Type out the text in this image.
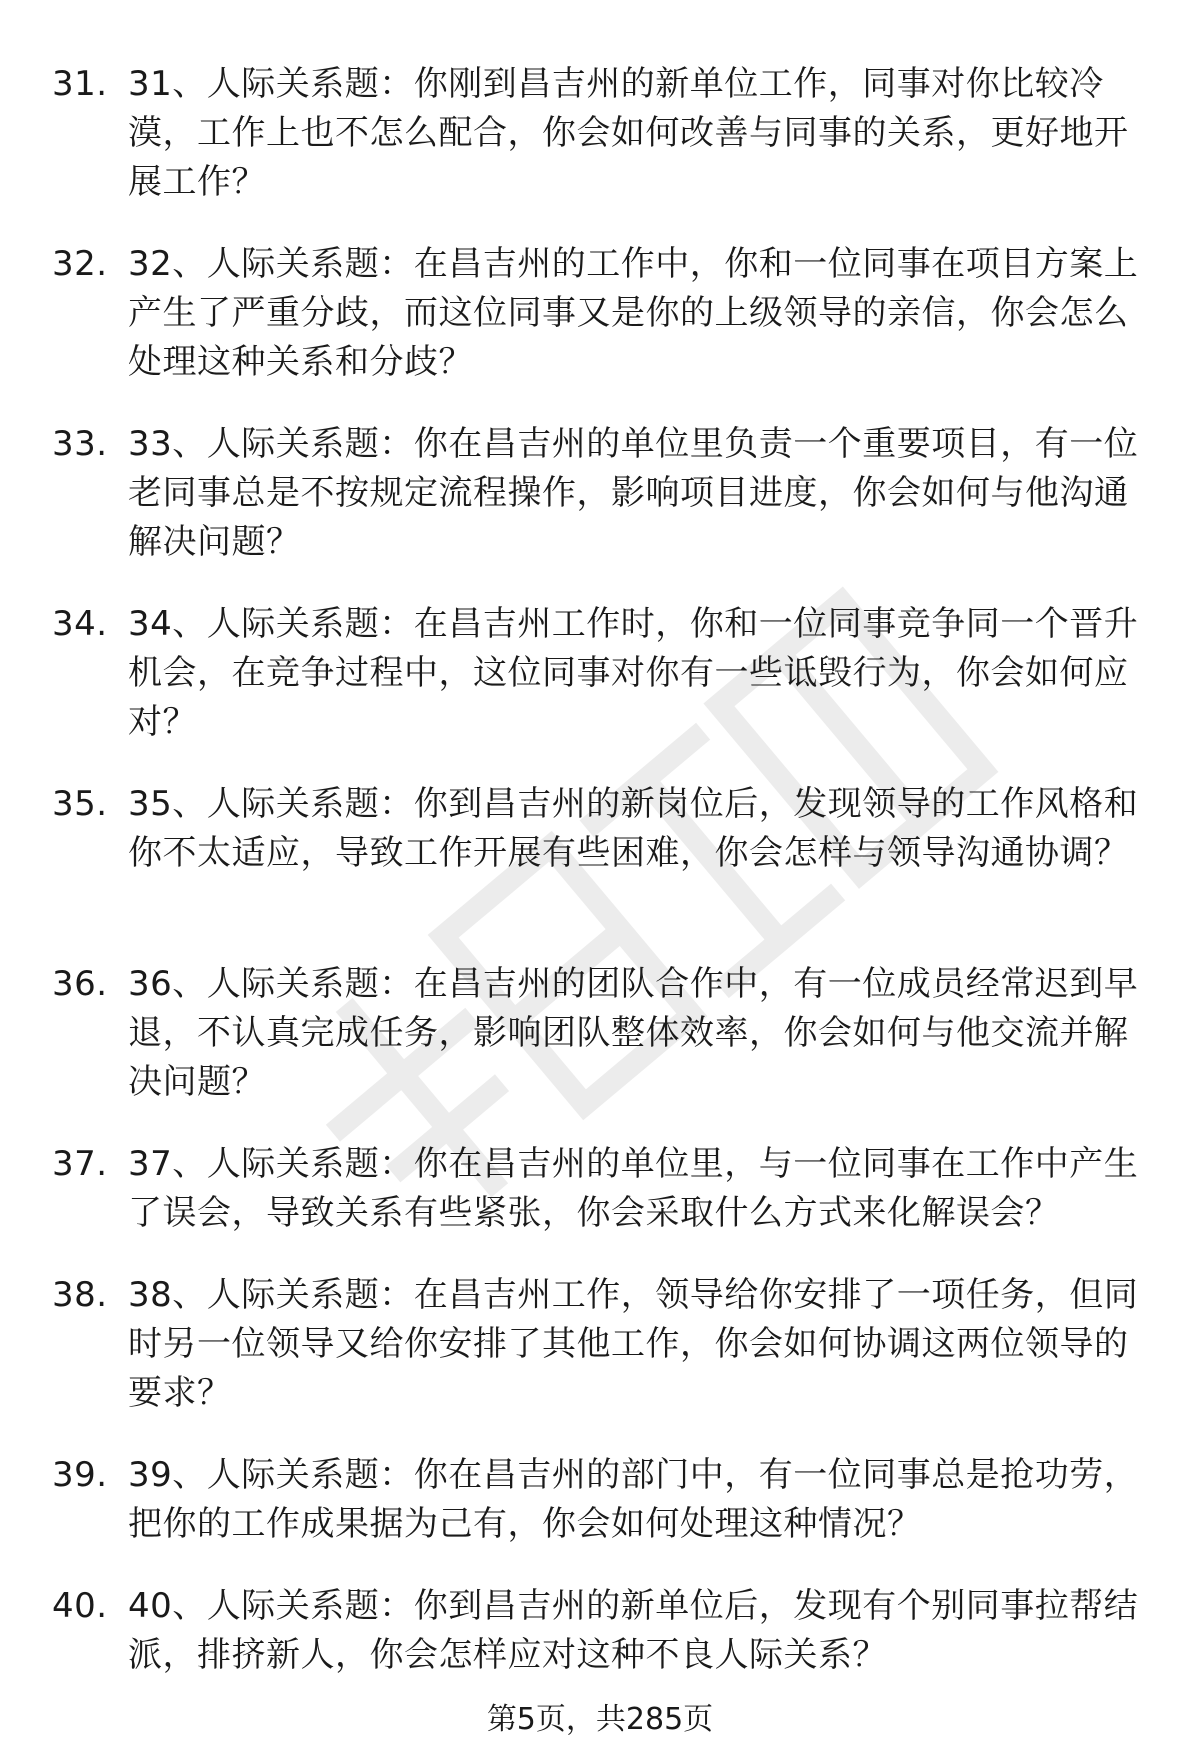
31. 31、人际关系题：你刚到昌吉州的新单位工作，同事对你比较冷漠，工作上也不怎么配合，你会如何改善与同事的关系，更好地开展工作？
32. 32、人际关系题：在昌吉州的工作中，你和一位同事在项目方案上产生了严重分歧，而这位同事又是你的上级领导的亲信，你会怎么处理这种关系和分歧？
33. 33、人际关系题：你在昌吉州的单位里负责一个重要项目，有一位老同事总是不按规定流程操作，影响项目进度，你会如何与他沟通解决问题？
34. 34、人际关系题：在昌吉州工作时，你和一位同事竞争同一个晋升机会，在竞争过程中，这位同事对你有一些诋毁行为，你会如何应对？
35. 35、人际关系题：你到昌吉州的新岗位后，发现领导的工作风格和你不太适应，导致工作开展有些困难，你会怎样与领导沟通协调？
36. 36、人际关系题：在昌吉州的团队合作中，有一位成员经常迟到早退，不认真完成任务，影响团队整体效率，你会如何与他交流并解决问题？
37. 37、人际关系题：你在昌吉州的单位里，与一位同事在工作中产生了误会，导致关系有些紧张，你会采取什么方式来化解误会？
38. 38、人际关系题：在昌吉州工作，领导给你安排了一项任务，但同时另一位领导又给你安排了其他工作，你会如何协调这两位领导的要求？
39. 39、人际关系题：你在昌吉州的部门中，有一位同事总是抢功劳，把你的工作成果据为己有，你会如何处理这种情况？
40. 40、人际关系题：你到昌吉州的新单位后，发现有个别同事拉帮结派，排挤新人，你会怎样应对这种不良人际关系？
第5页，共285页
